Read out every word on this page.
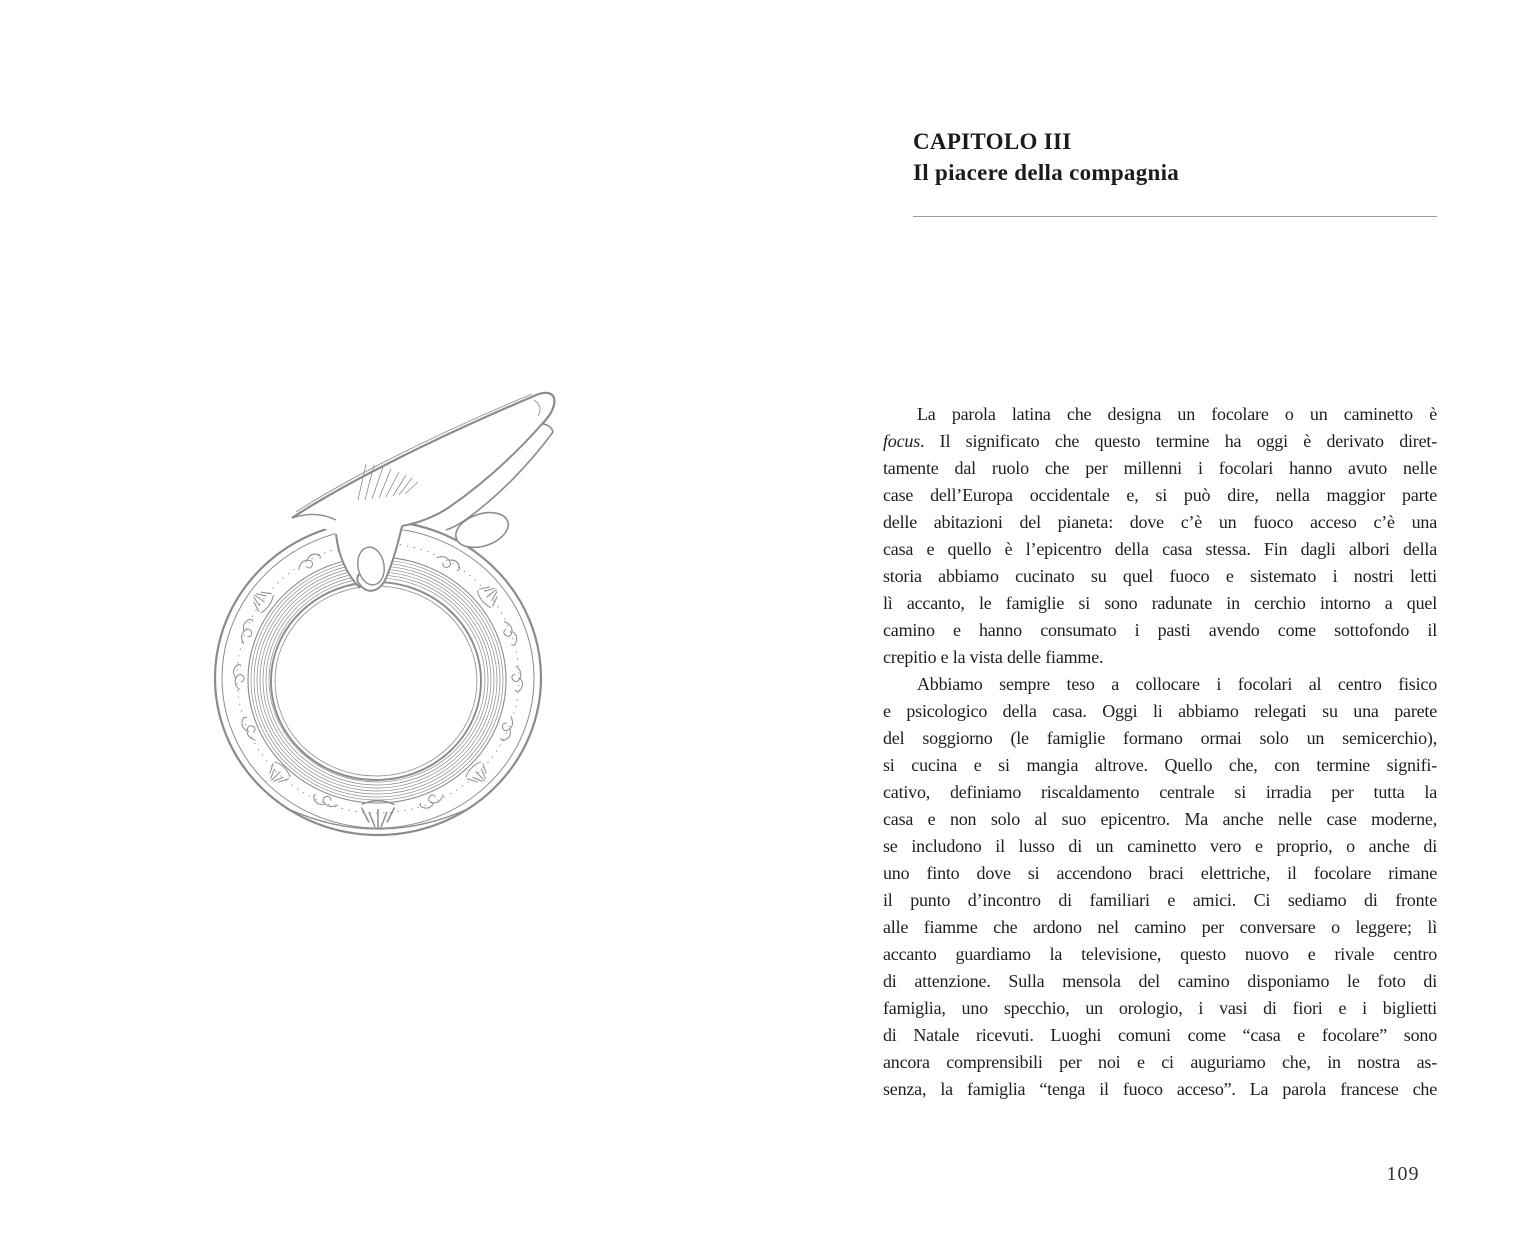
CAPITOLO III
Il piacere della compagnia
La parola latina che designa un focolare o un caminetto è
focus. Il significato che questo termine ha oggi è derivato diret-
tamente dal ruolo che per millenni i focolari hanno avuto nelle
case dell’Europa occidentale e, si può dire, nella maggior parte
delle abitazioni del pianeta: dove c’è un fuoco acceso c’è una
casa e quello è l’epicentro della casa stessa. Fin dagli albori della
storia abbiamo cucinato su quel fuoco e sistemato i nostri letti
lì accanto, le famiglie si sono radunate in cerchio intorno a quel
camino e hanno consumato i pasti avendo come sottofondo il
crepitio e la vista delle fiamme.
Abbiamo sempre teso a collocare i focolari al centro fisico
e psicologico della casa. Oggi li abbiamo relegati su una parete
del soggiorno (le famiglie formano ormai solo un semicerchio),
si cucina e si mangia altrove. Quello che, con termine signifi-
cativo, definiamo riscaldamento centrale si irradia per tutta la
casa e non solo al suo epicentro. Ma anche nelle case moderne,
se includono il lusso di un caminetto vero e proprio, o anche di
uno finto dove si accendono braci elettriche, il focolare rimane
il punto d’incontro di familiari e amici. Ci sediamo di fronte
alle fiamme che ardono nel camino per conversare o leggere; lì
accanto guardiamo la televisione, questo nuovo e rivale centro
di attenzione. Sulla mensola del camino disponiamo le foto di
famiglia, uno specchio, un orologio, i vasi di fiori e i biglietti
di Natale ricevuti. Luoghi comuni come “casa e focolare” sono
ancora comprensibili per noi e ci auguriamo che, in nostra as-
senza, la famiglia “tenga il fuoco acceso”. La parola francese che
109
